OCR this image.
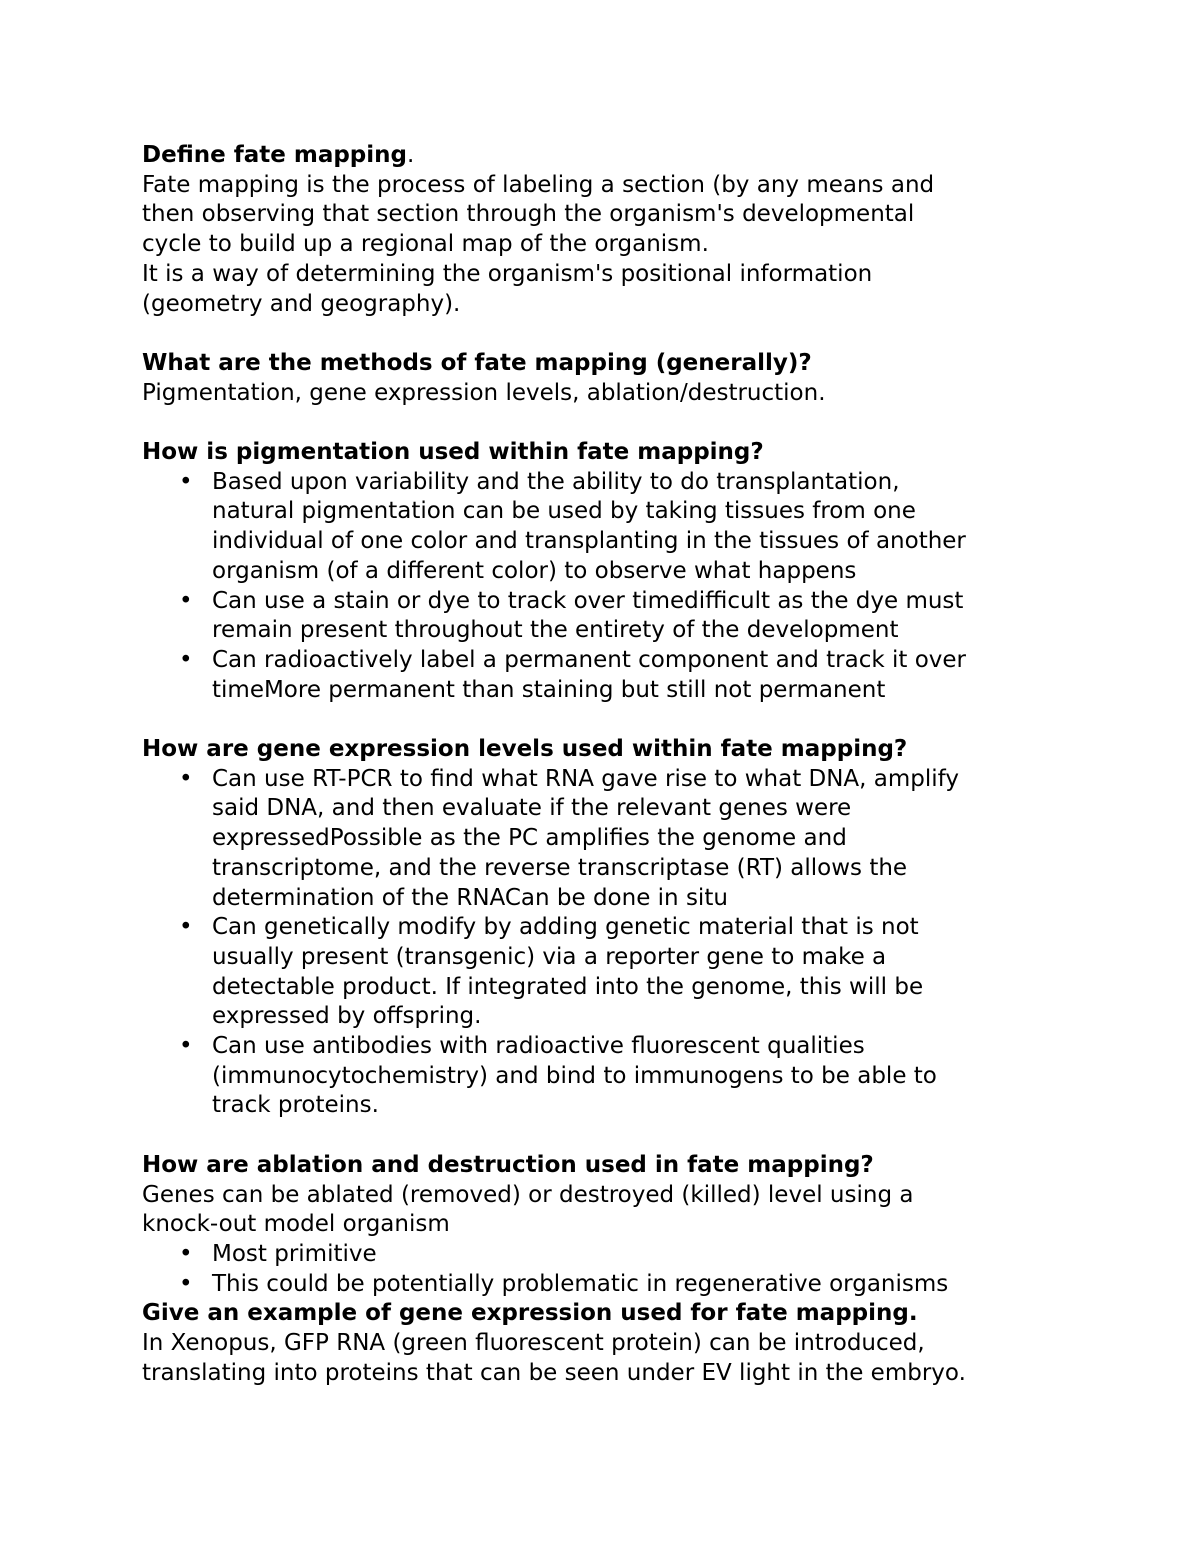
Define fate mapping.
Fate mapping is the process of labeling a section (by any means and
then observing that section through the organism's developmental
cycle to build up a regional map of the organism.
It is a way of determining the organism's positional information
(geometry and geography).
What are the methods of fate mapping (generally)?
Pigmentation, gene expression levels, ablation/destruction.
How is pigmentation used within fate mapping?
• Based upon variability and the ability to do transplantation,
natural pigmentation can be used by taking tissues from one
individual of one color and transplanting in the tissues of another
organism (of a different color) to observe what happens
• Can use a stain or dye to track over timedifficult as the dye must
remain present throughout the entirety of the development
• Can radioactively label a permanent component and track it over
timeMore permanent than staining but still not permanent
How are gene expression levels used within fate mapping?
• Can use RT-PCR to find what RNA gave rise to what DNA, amplify
said DNA, and then evaluate if the relevant genes were
expressedPossible as the PC amplifies the genome and
transcriptome, and the reverse transcriptase (RT) allows the
determination of the RNACan be done in situ
• Can genetically modify by adding genetic material that is not
usually present (transgenic) via a reporter gene to make a
detectable product. If integrated into the genome, this will be
expressed by offspring.
• Can use antibodies with radioactive fluorescent qualities
(immunocytochemistry) and bind to immunogens to be able to
track proteins.
How are ablation and destruction used in fate mapping?
Genes can be ablated (removed) or destroyed (killed) level using a
knock-out model organism
• Most primitive
• This could be potentially problematic in regenerative organisms
Give an example of gene expression used for fate mapping.
In Xenopus, GFP RNA (green fluorescent protein) can be introduced,
translating into proteins that can be seen under EV light in the embryo.
